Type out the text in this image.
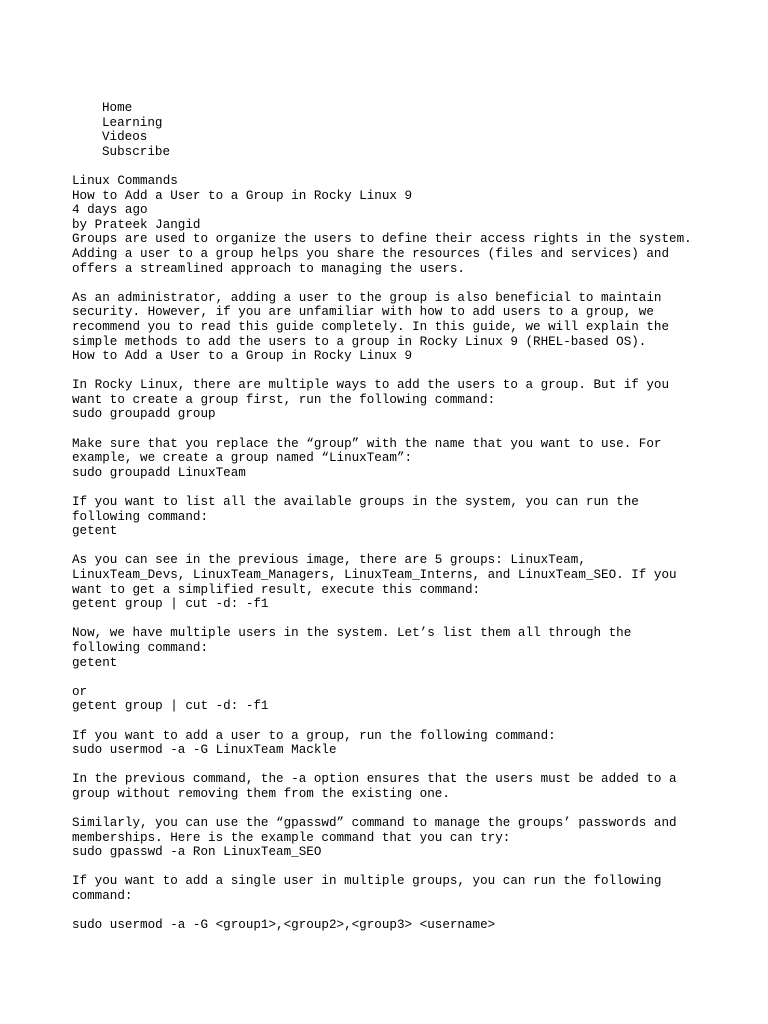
Home
Learning
Videos
Subscribe
Linux Commands
How to Add a User to a Group in Rocky Linux 9
4 days ago
by Prateek Jangid
Groups are used to organize the users to define their access rights in the system.
Adding a user to a group helps you share the resources (files and services) and
offers a streamlined approach to managing the users.
As an administrator, adding a user to the group is also beneficial to maintain
security. However, if you are unfamiliar with how to add users to a group, we
recommend you to read this guide completely. In this guide, we will explain the
simple methods to add the users to a group in Rocky Linux 9 (RHEL-based OS).
How to Add a User to a Group in Rocky Linux 9
In Rocky Linux, there are multiple ways to add the users to a group. But if you
want to create a group first, run the following command:
sudo groupadd group
Make sure that you replace the “group” with the name that you want to use. For
example, we create a group named “LinuxTeam”:
sudo groupadd LinuxTeam
If you want to list all the available groups in the system, you can run the
following command:
getent
As you can see in the previous image, there are 5 groups: LinuxTeam,
LinuxTeam_Devs, LinuxTeam_Managers, LinuxTeam_Interns, and LinuxTeam_SEO. If you
want to get a simplified result, execute this command:
getent group | cut -d: -f1
Now, we have multiple users in the system. Let’s list them all through the
following command:
getent
or
getent group | cut -d: -f1
If you want to add a user to a group, run the following command:
sudo usermod -a -G LinuxTeam Mackle
In the previous command, the -a option ensures that the users must be added to a
group without removing them from the existing one.
Similarly, you can use the “gpasswd” command to manage the groups’ passwords and
memberships. Here is the example command that you can try:
sudo gpasswd -a Ron LinuxTeam_SEO
If you want to add a single user in multiple groups, you can run the following
command:
sudo usermod -a -G <group1>,<group2>,<group3> <username>
